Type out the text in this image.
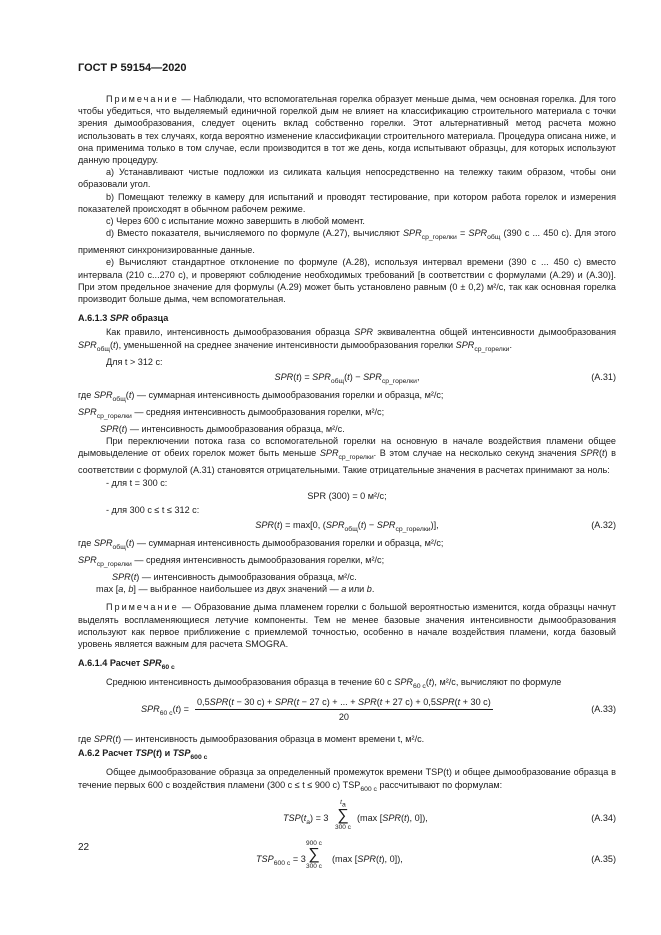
ГОСТ Р 59154—2020

Примечание — Наблюдали, что вспомогательная горелка образует меньше дыма, чем основная горелка. Для того чтобы убедиться, что выделяемый единичной горелкой дым не влияет на классификацию строительного материала с точки зрения дымообразования, следует оценить вклад собственно горелки. Этот альтернативный метод расчета можно использовать в тех случаях, когда вероятно изменение классификации строительного материала. Процедура описана ниже, и она применима только в том случае, если производится в тот же день, когда испытывают образцы, для которых используют данную процедуру.

a) Устанавливают чистые подложки из силиката кальция непосредственно на тележку таким образом, чтобы они образовали угол.

b) Помещают тележку в камеру для испытаний и проводят тестирование, при котором работа горелок и измерения показателей происходят в обычном рабочем режиме.

c) Через 600 с испытание можно завершить в любой момент.

d) Вместо показателя, вычисляемого по формуле (А.27), вычисляют $SPR_{ср\_горелки} = SPR_{общ}$ (390 с ... 450 с). Для этого применяют синхронизированные данные.

e) Вычисляют стандартное отклонение по формуле (А.28), используя интервал времени (390 с ... 450 с) вместо интервала (210 с...270 с), и проверяют соблюдение необходимых требований [в соответствии с формулами (А.29) и (А.30)]. При этом предельное значение для формулы (А.29) может быть установлено равным (0 ± 0,2) м²/с, так как основная горелка производит больше дыма, чем вспомогательная.

А.6.1.3 SPR образца

Как правило, интенсивность дымообразования образца SPR эквивалентна общей интенсивности дымообразования $SPR_{общ}(t)$, уменьшенной на среднее значение интенсивности дымообразования горелки $SPR_{ср\_горелки}$.

Для t > 312 с:

$SPR(t) = SPR_{общ}(t) - SPR_{ср\_горелки}$,	(А.31)

где $SPR_{общ}(t)$ — суммарная интенсивность дымообразования горелки и образца, м²/с;

$SPR_{ср\_горелки}$ — средняя интенсивность дымообразования горелки, м²/с;

SPR(t) — интенсивность дымообразования образца, м²/с.

При переключении потока газа со вспомогательной горелки на основную в начале воздействия пламени общее дымовыделение от обеих горелок может быть меньше $SPR_{ср\_горелки}$. В этом случае на несколько секунд значения SPR(t) в соответствии с формулой (А.31) становятся отрицательными. Такие отрицательные значения в расчетах принимают за ноль:

- для t = 300 с:

SPR (300) = 0 м²/с;

- для 300 с ≤ t ≤ 312 с:

SPR(t) = max[0, $(SPR_{общ}(t) - SPR_{ср\_горелки})$],	(А.32)

где $SPR_{общ}(t)$ — суммарная интенсивность дымообразования горелки и образца, м²/с;

$SPR_{ср\_горелки}$ — средняя интенсивность дымообразования горелки, м²/с;

SPR(t) — интенсивность дымообразования образца, м²/с.

max [a, b] — выбранное наибольшее из двух значений — a или b.

Примечание — Образование дыма пламенем горелки с большой вероятностью изменится, когда образцы начнут выделять воспламеняющиеся летучие компоненты. Тем не менее базовые значения интенсивности дымообразования используют как первое приближение с приемлемой точностью, особенно в начале воздействия пламени, когда базовый уровень является важным для расчета SMOGRA.

А.6.1.4 Расчет $SPR_{60 с}$

Среднюю интенсивность дымообразования образца в течение 60 с $SPR_{60 с}(t)$, м²/с, вычисляют по формуле

$SPR_{60 с}(t)$ =
0,5SPR(t − 30 с) + SPR(t − 27 с) + ... + SPR(t + 27 с) + 0,5SPR(t + 30 с)
20
(А.33)

где SPR(t) — интенсивность дымообразования образца в момент времени t, м²/с.

А.6.2 Расчет TSP(t) и $TSP_{600 с}$

Общее дымообразование образца за определенный промежуток времени TSP(t) и общее дымообразование образца в течение первых 600 с воздействия пламени (300 с ≤ t ≤ 900 с) $TSP_{600 с}$ рассчитывают по формулам:

$TSP(t_a) = 3$
$t_a$
∑
300 с
(max [SPR(t), 0]),	(А.34)
$TSP_{600 с} = 3$
900 с
∑
300 с
(max [SPR(t), 0]),	(А.35)
22
